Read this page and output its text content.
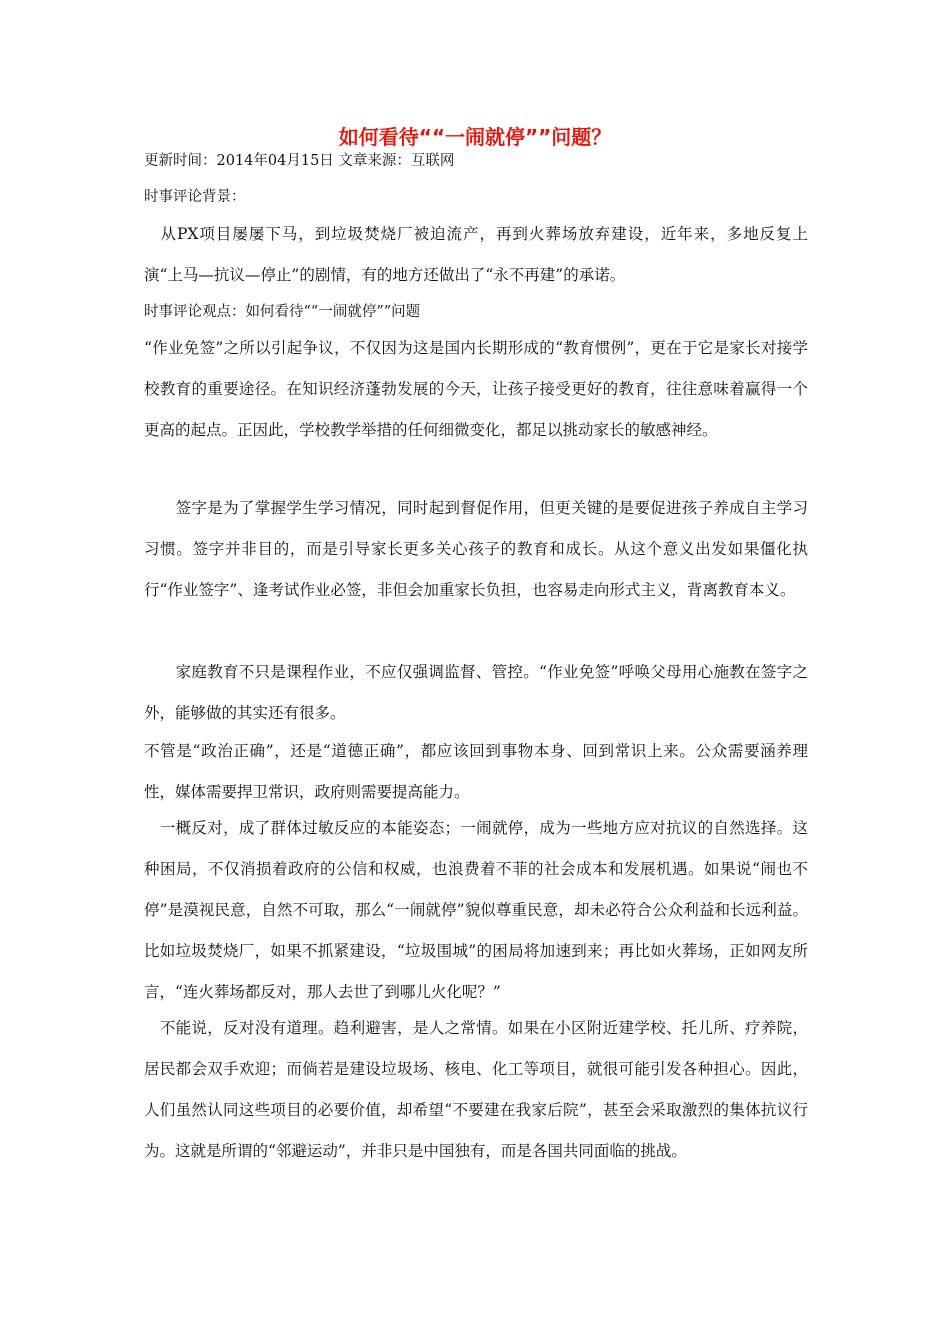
如何看待““一闹就停””问题？
更新时间：2014年04月15日 文章来源：互联网
时事评论背景：
　从PX项目屡屡下马，到垃圾焚烧厂被迫流产，再到火葬场放弃建设，近年来，多地反复上演“上马—抗议—停止”的剧情，有的地方还做出了“永不再建”的承诺。
时事评论观点：如何看待““一闹就停””问题
“作业免签”之所以引起争议，不仅因为这是国内长期形成的“教育惯例”，更在于它是家长对接学校教育的重要途径。在知识经济蓬勃发展的今天，让孩子接受更好的教育，往往意味着赢得一个更高的起点。正因此，学校教学举措的任何细微变化，都足以挑动家长的敏感神经。
　　签字是为了掌握学生学习情况，同时起到督促作用，但更关键的是要促进孩子养成自主学习习惯。签字并非目的，而是引导家长更多关心孩子的教育和成长。从这个意义出发如果僵化执行“作业签字”、逢考试作业必签，非但会加重家长负担，也容易走向形式主义，背离教育本义。
　　家庭教育不只是课程作业，不应仅强调监督、管控。“作业免签”呼唤父母用心施教在签字之外，能够做的其实还有很多。
不管是“政治正确”，还是“道德正确”，都应该回到事物本身、回到常识上来。公众需要涵养理性，媒体需要捍卫常识，政府则需要提高能力。
　一概反对，成了群体过敏反应的本能姿态；一闹就停，成为一些地方应对抗议的自然选择。这种困局，不仅消损着政府的公信和权威，也浪费着不菲的社会成本和发展机遇。如果说“闹也不停”是漠视民意，自然不可取，那么“一闹就停”貌似尊重民意，却未必符合公众利益和长远利益。比如垃圾焚烧厂，如果不抓紧建设，“垃圾围城”的困局将加速到来；再比如火葬场，正如网友所言，“连火葬场都反对，那人去世了到哪儿火化呢？”
　不能说，反对没有道理。趋利避害，是人之常情。如果在小区附近建学校、托儿所、疗养院，居民都会双手欢迎；而倘若是建设垃圾场、核电、化工等项目，就很可能引发各种担心。因此，人们虽然认同这些项目的必要价值，却希望“不要建在我家后院”，甚至会采取激烈的集体抗议行为。这就是所谓的“邻避运动”，并非只是中国独有，而是各国共同面临的挑战。
